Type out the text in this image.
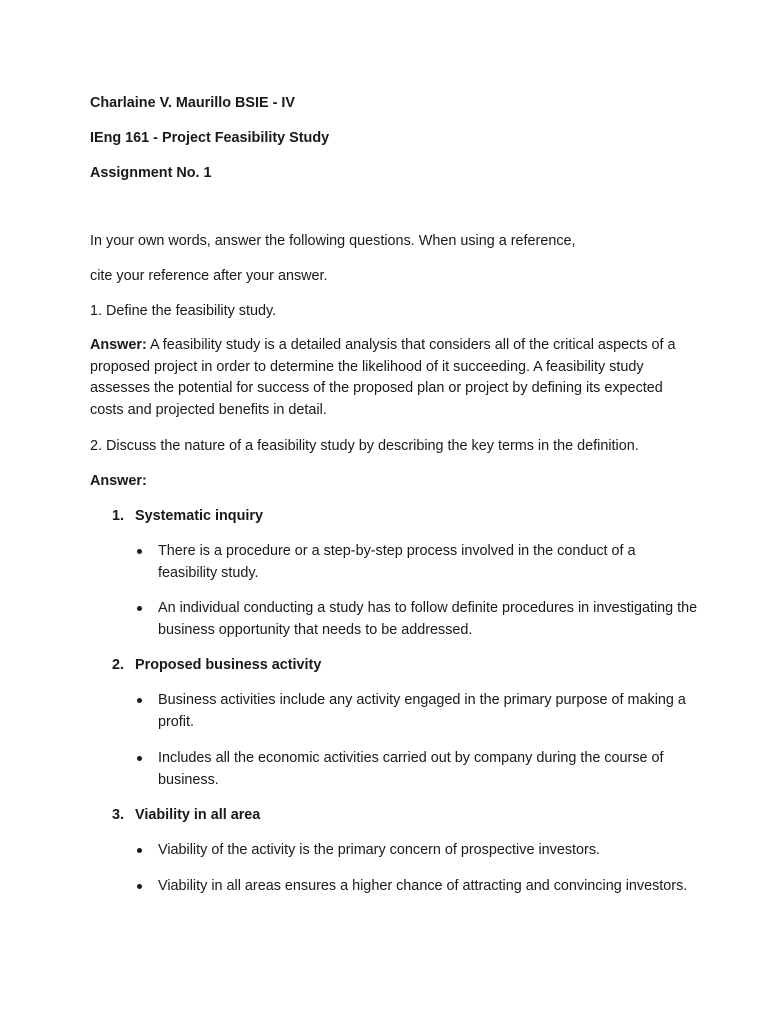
Charlaine V. Maurillo BSIE - IV
IEng 161 - Project Feasibility Study
Assignment No. 1
In your own words, answer the following questions. When using a reference,
cite your reference after your answer.
1. Define the feasibility study.
Answer: A feasibility study is a detailed analysis that considers all of the critical aspects of a proposed project in order to determine the likelihood of it succeeding. A feasibility study assesses the potential for success of the proposed plan or project by defining its expected costs and projected benefits in detail.
2. Discuss the nature of a feasibility study by describing the key terms in the definition.
Answer:
1. Systematic inquiry
There is a procedure or a step-by-step process involved in the conduct of a feasibility study.
An individual conducting a study has to follow definite procedures in investigating the business opportunity that needs to be addressed.
2. Proposed business activity
Business activities include any activity engaged in the primary purpose of making a profit.
Includes all the economic activities carried out by company during the course of business.
3. Viability in all area
Viability of the activity is the primary concern of prospective investors.
Viability in all areas ensures a higher chance of attracting and convincing investors.
